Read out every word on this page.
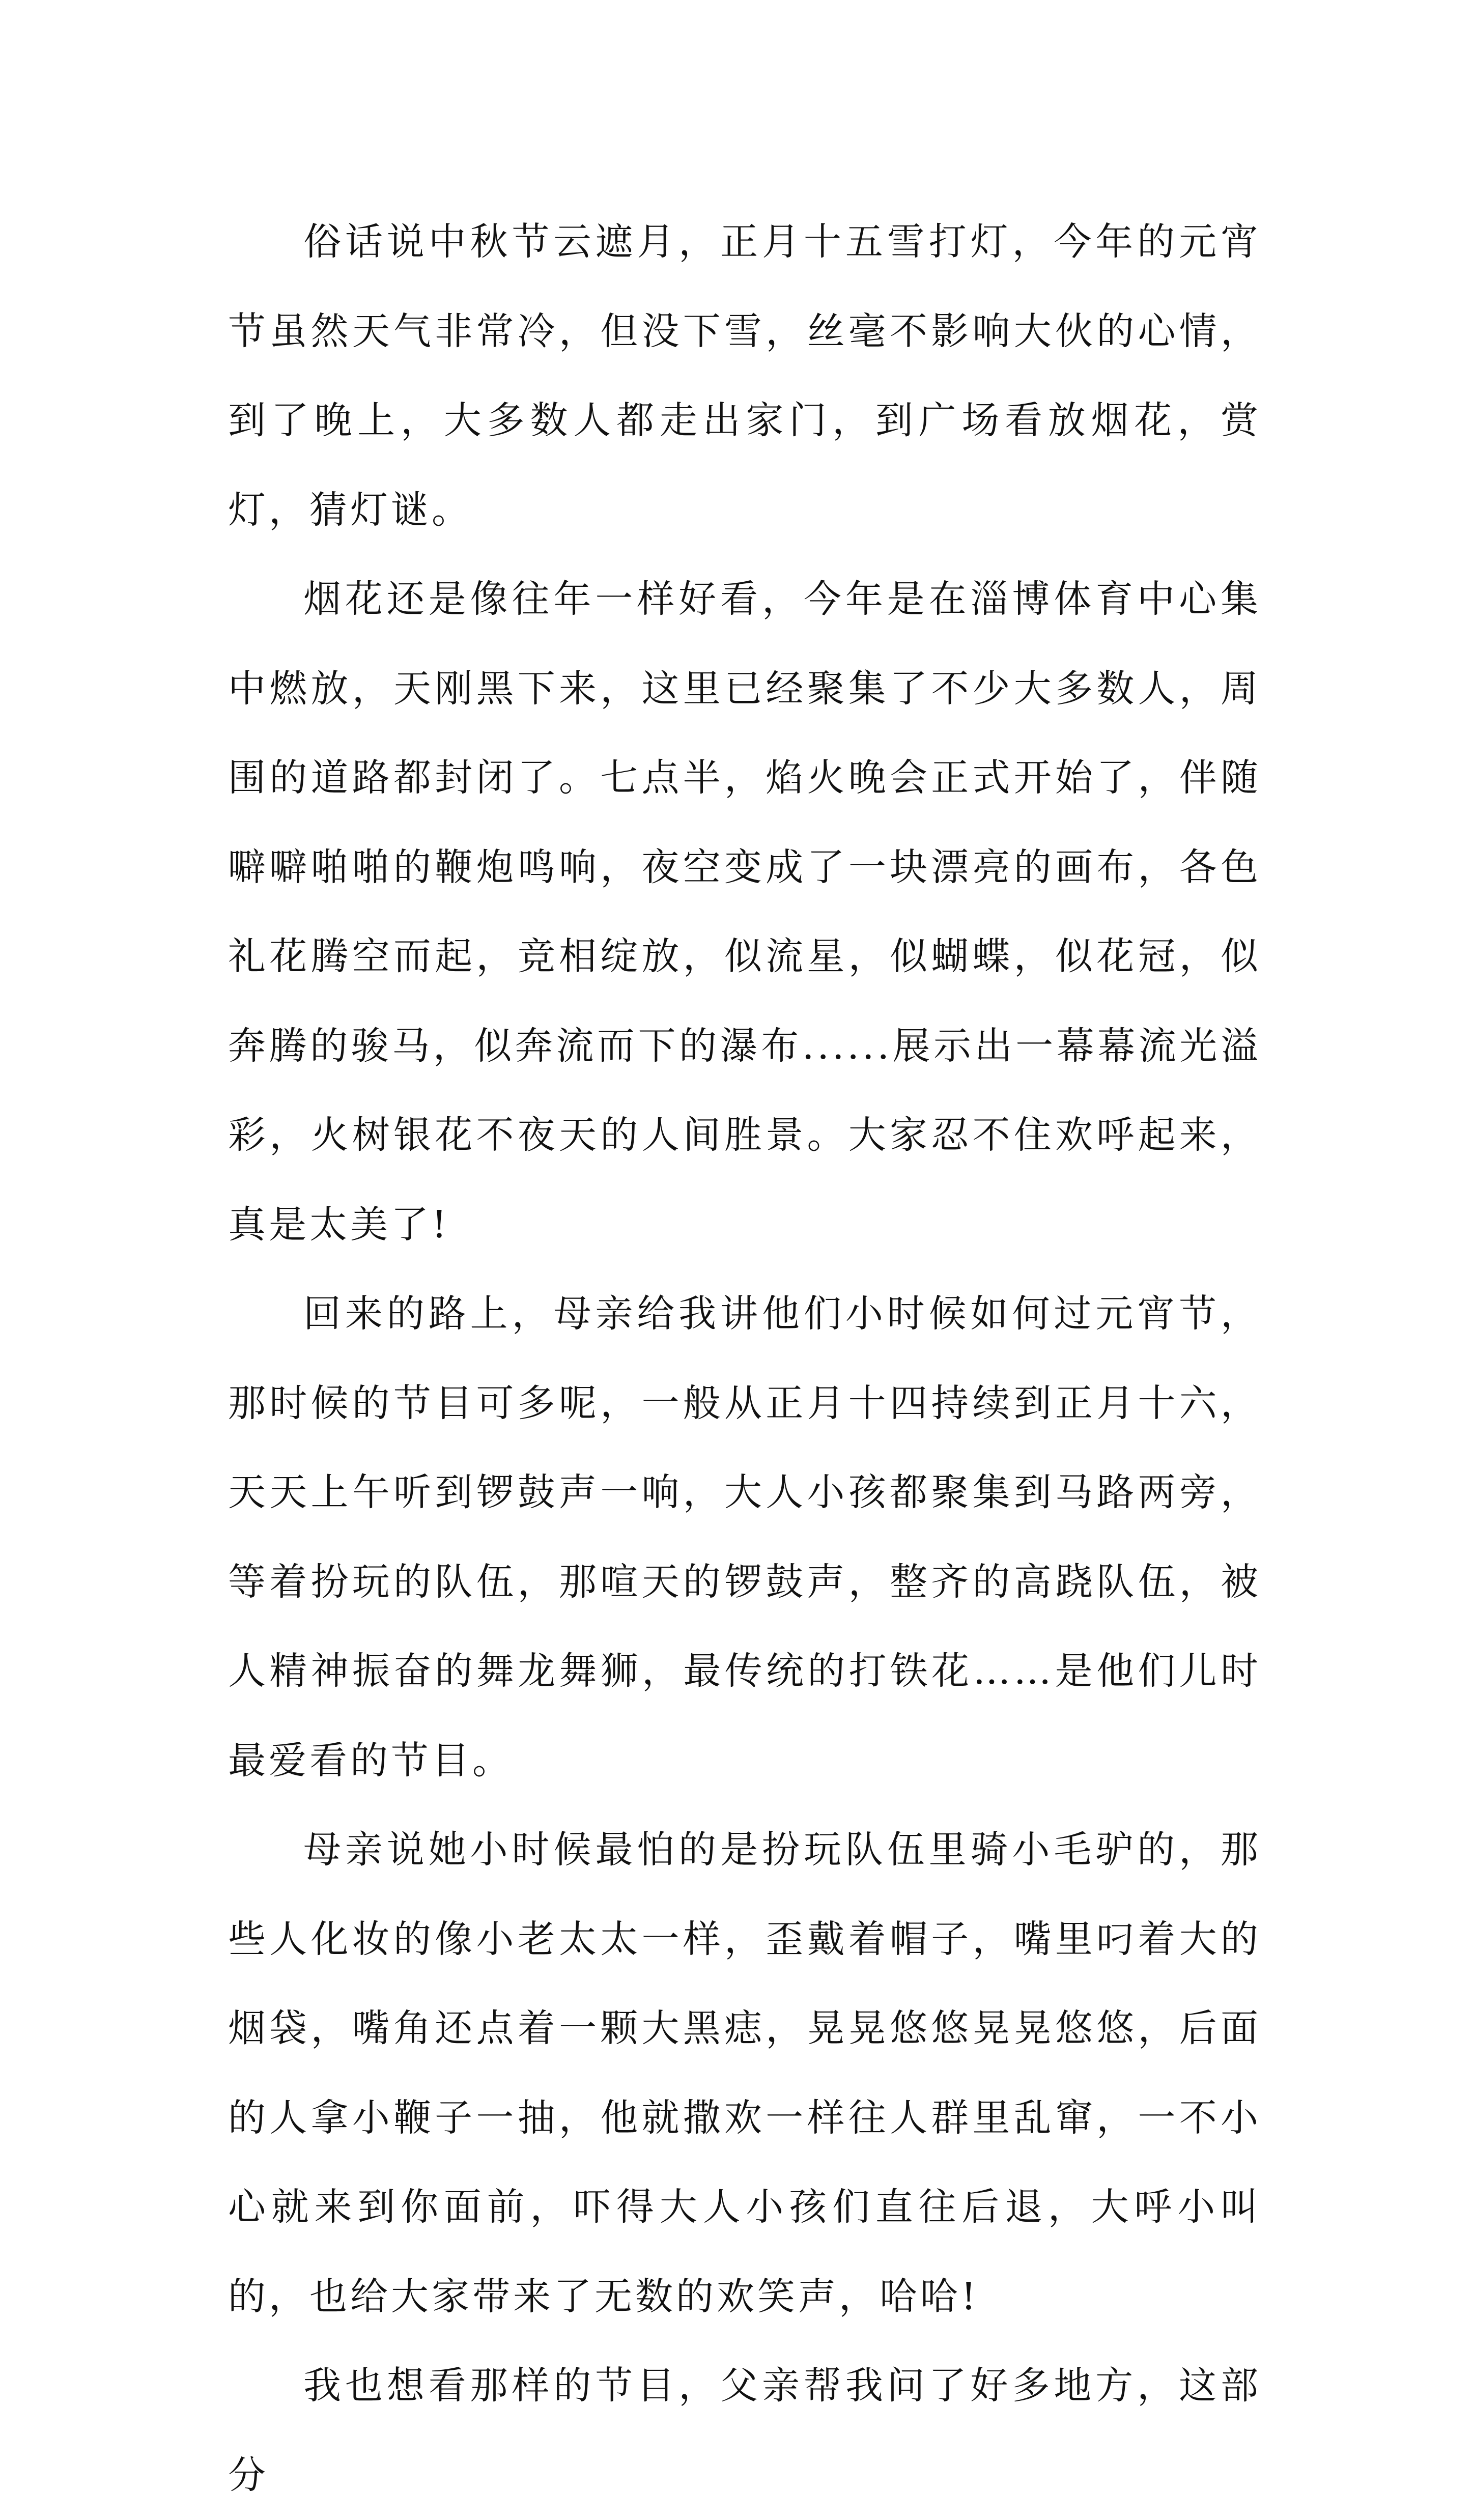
俗话说中秋节云遮月，正月十五雪打灯，今年的元宵节虽然天气非常冷，但没下雪，丝毫不影响大伙的心情，到了晚上，大多数人都走出家门，到广场看放烟花，赏灯，猜灯谜。

烟花还是像往年一样好看，今年是在淄博体育中心集中燃放，天刚黑下来，这里已经聚集了不少大多数人，周围的道路都封闭了。七点半，焰火晚会正式开始了，伴随噼噼啪啪的鞭炮鸣响，夜空变成了一块漂亮的画布，各色礼花腾空而起，竞相绽放，似流星，似蝴蝶，似花冠，似奔腾的骏马，似奔流而下的瀑布......展示出一幕幕流光溢彩，火树银花不夜天的人间胜景。大家忍不住欢呼起来，真是太美了!

回来的路上，母亲给我讲他们小时候如何过元宵节，那时候的节目可多呢，一般从正月十四持续到正月十六，天天上午听到锣鼓声一响，大人小孩都聚集到马路两旁，等着扮玩的队伍，那喧天的锣鼓声，整齐的高跷队伍，被人精神振奋的舞龙舞狮，最传统的打铁花……是他们儿时最爱看的节目。

母亲说她小时候最怕的是扮玩队伍里骑小毛驴的，那些人化妆的像小老太太一样，歪戴着帽子，嘴里叼着大的烟袋，嘴角还点着一颗大黑痣，晃晃悠悠晃晃悠悠，后面的人拿小鞭子一抽，他就撒欢一样往人群里乱窜，一不小心就来到你面前，吓得大人小孩们直往后退，大呼小叫的，也给大家带来了无数的欢笑声，哈哈!

我也想看那样的节目，父亲帮我问了好多地方，这部分
